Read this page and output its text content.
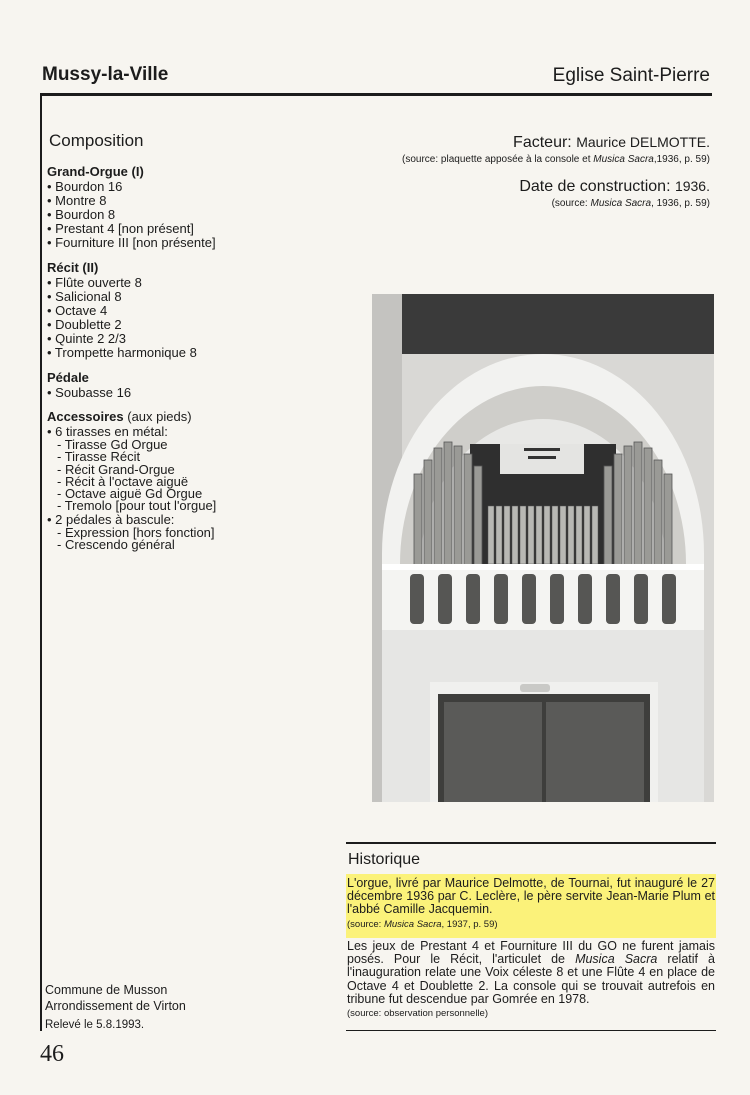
Mussy-la-Ville	Eglise Saint-Pierre
Composition
Grand-Orgue (I)
• Bourdon 16
• Montre 8
• Bourdon 8
• Prestant 4 [non présent]
• Fourniture III [non présente]
Récit (II)
• Flûte ouverte 8
• Salicional 8
• Octave 4
• Doublette 2
• Quinte 2 2/3
• Trompette harmonique 8
Pédale
• Soubasse 16
Accessoires (aux pieds)
• 6 tirasses en métal:
- Tirasse Gd Orgue
- Tirasse Récit
- Récit Grand-Orgue
- Récit à l'octave aiguë
- Octave aiguë Gd Orgue
- Tremolo [pour tout l'orgue]
• 2 pédales à bascule:
- Expression [hors fonction]
- Crescendo général
Facteur: Maurice DELMOTTE.
(source: plaquette apposée à la console et Musica Sacra,1936, p. 59)
Date de construction: 1936.
(source: Musica Sacra, 1936, p. 59)
Historique
L'orgue, livré par Maurice Delmotte, de Tournai, fut inauguré le 27 décembre 1936 par C. Leclère, le père servite Jean-Marie Plum et l'abbé Camille Jacquemin.
(source: Musica Sacra, 1937, p. 59)
Les jeux de Prestant 4 et Fourniture III du GO ne furent jamais posés. Pour le Récit, l'articulet de Musica Sacra relatif à l'inauguration relate une Voix céleste 8 et une Flûte 4 en place de Octave 4 et Doublette 2. La console qui se trouvait autrefois en tribune fut descendue par Gomrée en 1978.
(source: observation personnelle)
Commune de Musson
Arrondissement de Virton
Relevé le 5.8.1993.
46
